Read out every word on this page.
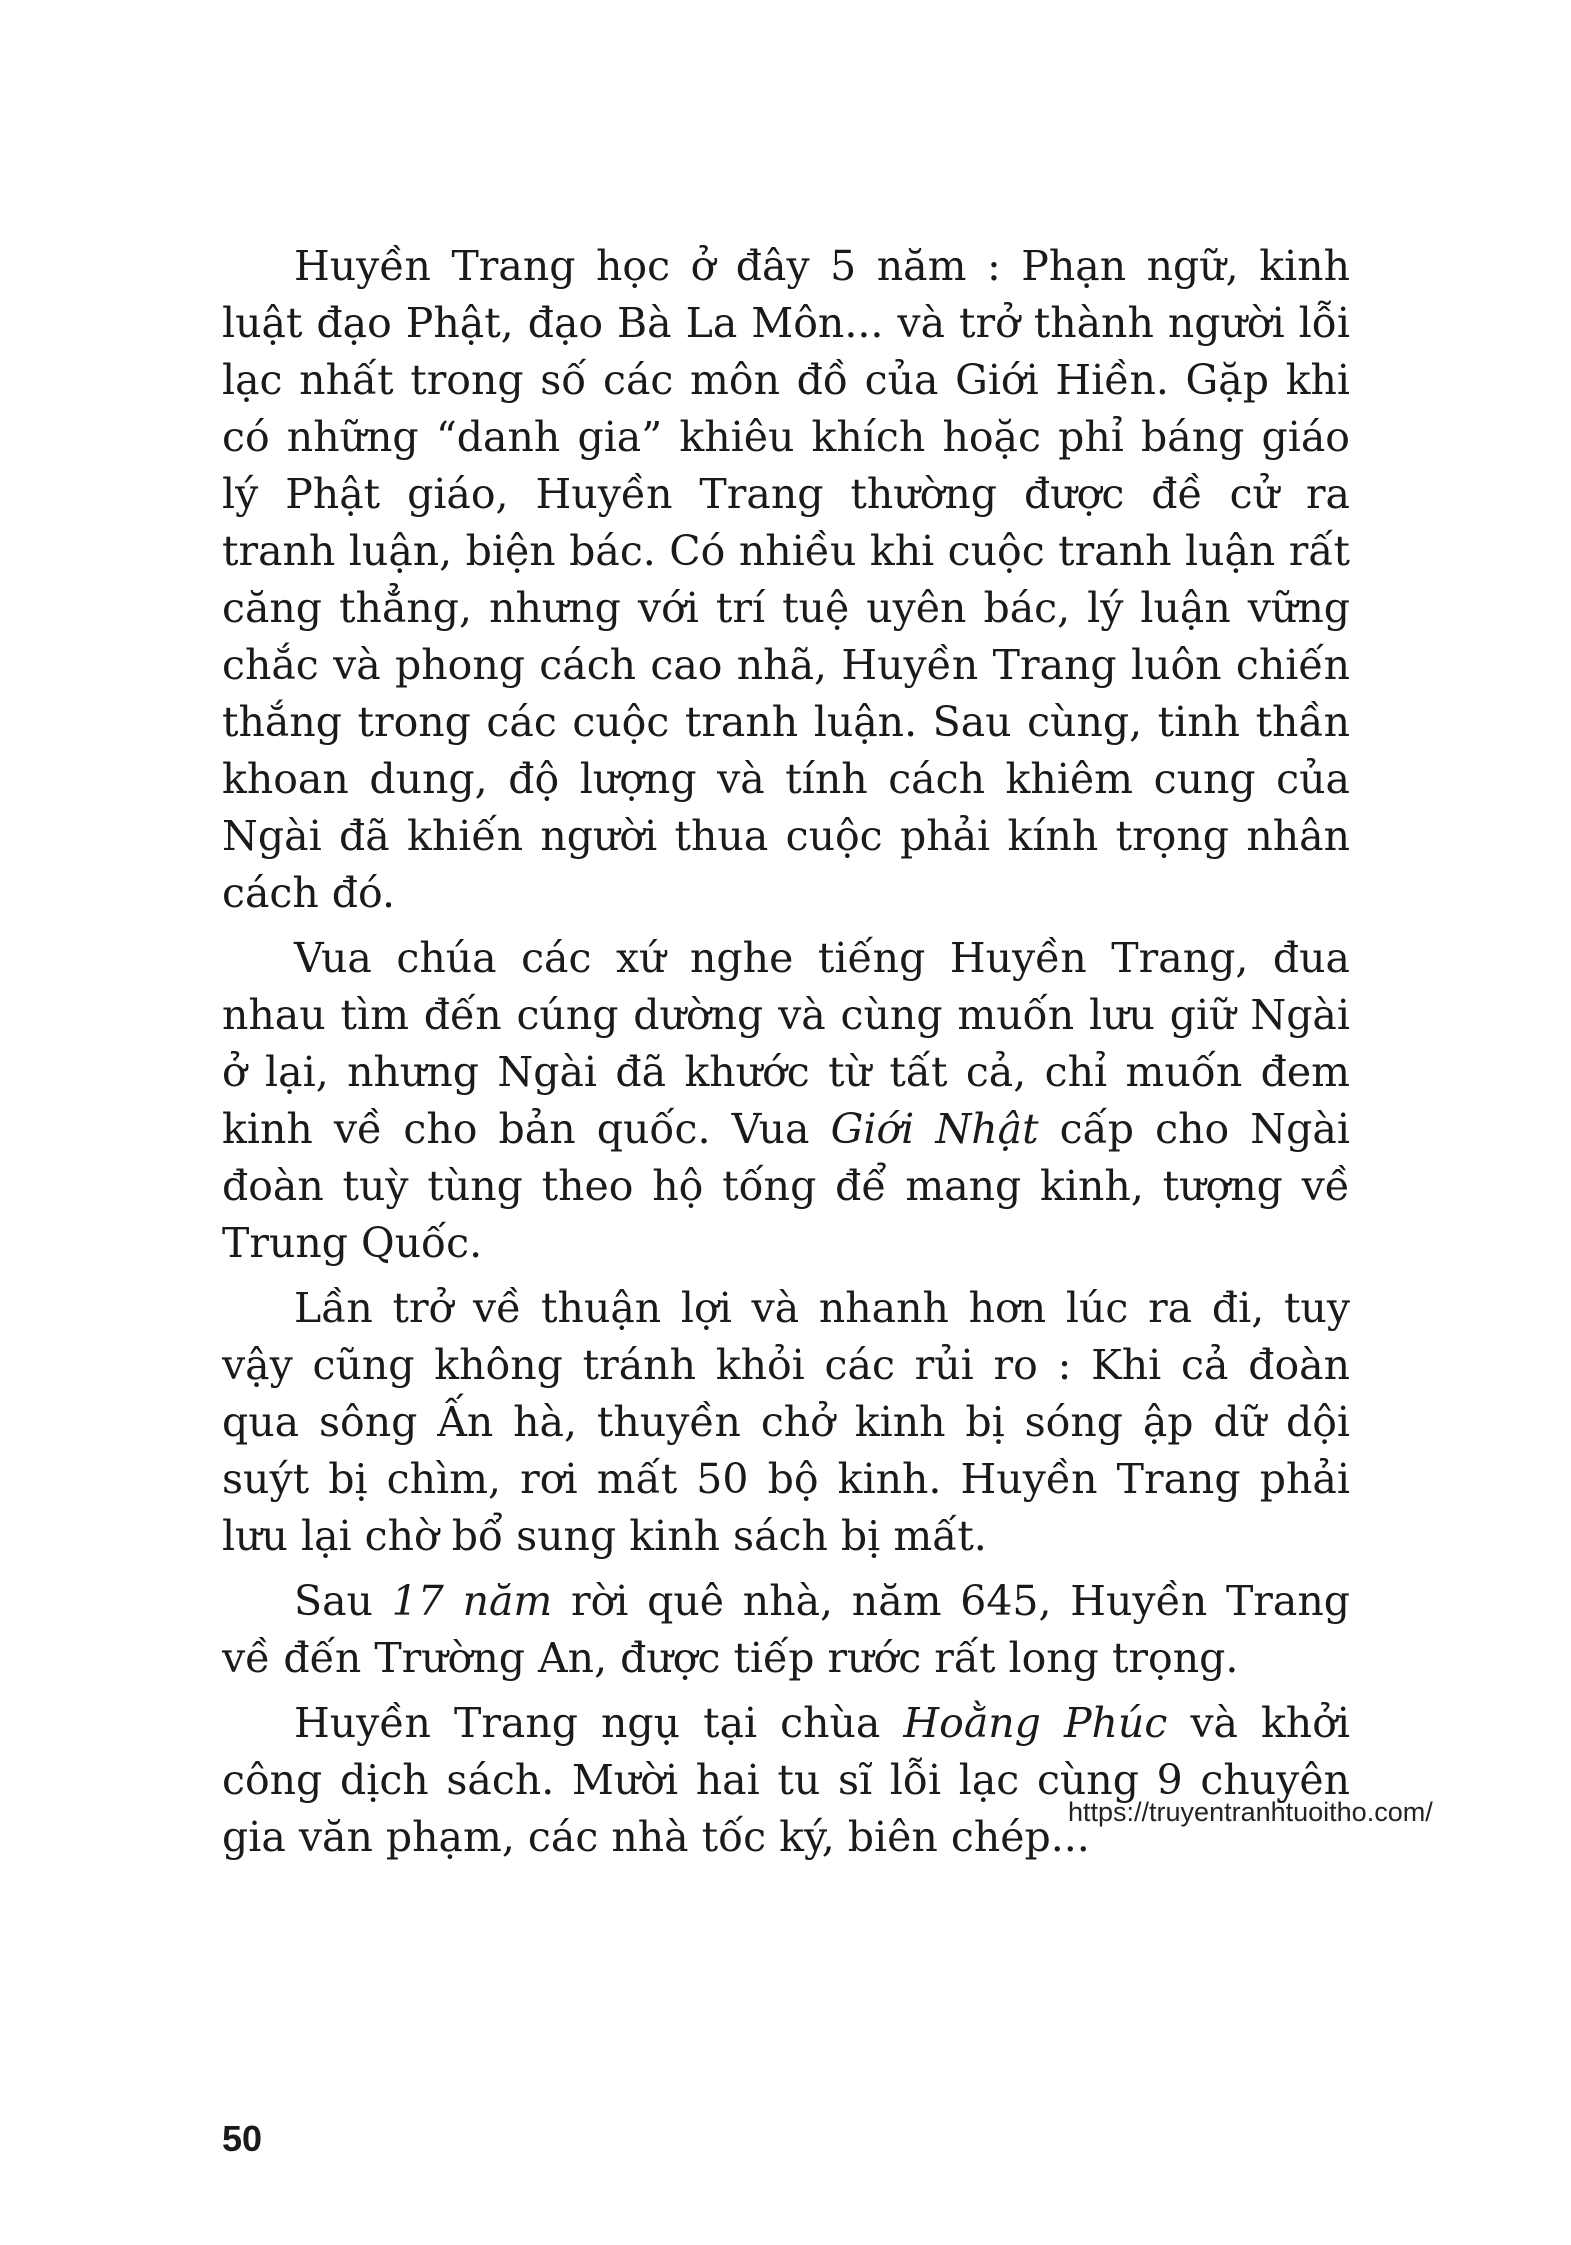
Huyền Trang học ở đây 5 năm : Phạn ngữ, kinh luật đạo Phật, đạo Bà La Môn... và trở thành người lỗi lạc nhất trong số các môn đồ của Giới Hiền. Gặp khi có những “danh gia” khiêu khích hoặc phỉ báng giáo lý Phật giáo, Huyền Trang thường được đề cử ra tranh luận, biện bác. Có nhiều khi cuộc tranh luận rất căng thẳng, nhưng với trí tuệ uyên bác, lý luận vững chắc và phong cách cao nhã, Huyền Trang luôn chiến thắng trong các cuộc tranh luận. Sau cùng, tinh thần khoan dung, độ lượng và tính cách khiêm cung của Ngài đã khiến người thua cuộc phải kính trọng nhân cách đó.

Vua chúa các xứ nghe tiếng Huyền Trang, đua nhau tìm đến cúng dường và cùng muốn lưu giữ Ngài ở lại, nhưng Ngài đã khước từ tất cả, chỉ muốn đem kinh về cho bản quốc. Vua Giới Nhật cấp cho Ngài đoàn tuỳ tùng theo hộ tống để mang kinh, tượng về Trung Quốc.

Lần trở về thuận lợi và nhanh hơn lúc ra đi, tuy vậy cũng không tránh khỏi các rủi ro : Khi cả đoàn qua sông Ấn hà, thuyền chở kinh bị sóng ập dữ dội suýt bị chìm, rơi mất 50 bộ kinh. Huyền Trang phải lưu lại chờ bổ sung kinh sách bị mất.

Sau 17 năm rời quê nhà, năm 645, Huyền Trang về đến Trường An, được tiếp rước rất long trọng.

Huyền Trang ngụ tại chùa Hoằng Phúc và khởi công dịch sách. Mười hai tu sĩ lỗi lạc cùng 9 chuyên gia văn phạm, các nhà tốc ký, biên chép...

https://truyentranhtuoitho.com/
50
